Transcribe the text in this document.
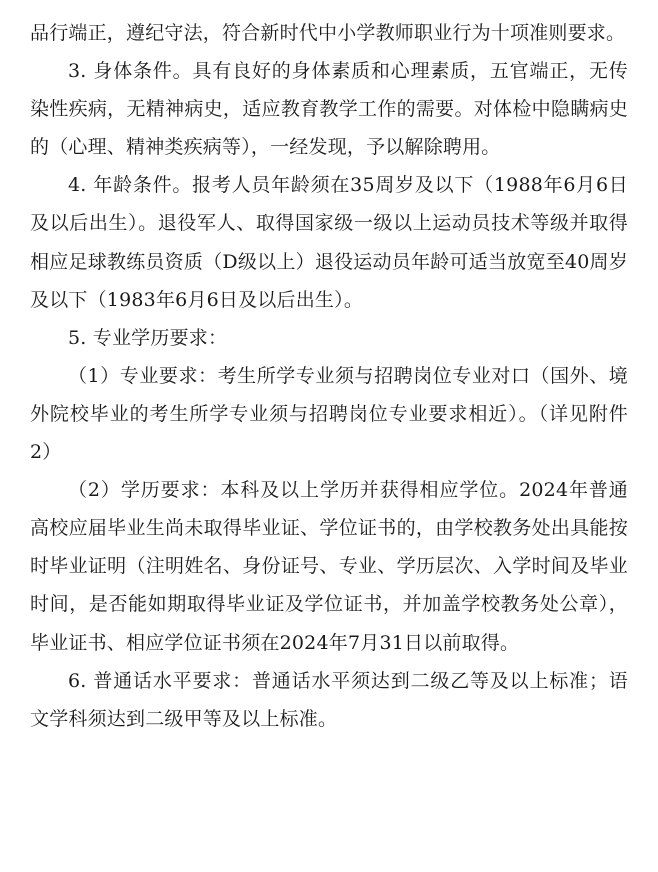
品行端正，遵纪守法，符合新时代中小学教师职业行为十项准则要求。

3. 身体条件。具有良好的身体素质和心理素质，五官端正，无传染性疾病，无精神病史，适应教育教学工作的需要。对体检中隐瞒病史的（心理、精神类疾病等），一经发现，予以解除聘用。

4. 年龄条件。报考人员年龄须在35周岁及以下（1988年6月6日及以后出生）。退役军人、取得国家级一级以上运动员技术等级并取得相应足球教练员资质（D级以上）退役运动员年龄可适当放宽至40周岁及以下（1983年6月6日及以后出生）。

5. 专业学历要求：

（1）专业要求：考生所学专业须与招聘岗位专业对口（国外、境外院校毕业的考生所学专业须与招聘岗位专业要求相近）。（详见附件2）

（2）学历要求：本科及以上学历并获得相应学位。2024年普通高校应届毕业生尚未取得毕业证、学位证书的，由学校教务处出具能按时毕业证明（注明姓名、身份证号、专业、学历层次、入学时间及毕业时间，是否能如期取得毕业证及学位证书，并加盖学校教务处公章），毕业证书、相应学位证书须在2024年7月31日以前取得。

6. 普通话水平要求：普通话水平须达到二级乙等及以上标准；语文学科须达到二级甲等及以上标准。
